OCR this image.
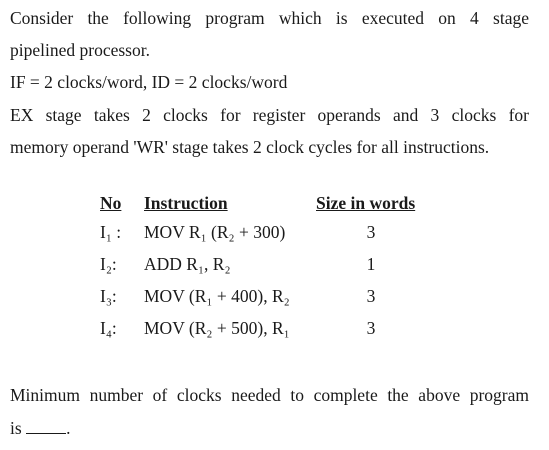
Consider the following program which is executed on 4 stage
pipelined processor.
IF = 2 clocks/word, ID = 2 clocks/word
EX stage takes 2 clocks for register operands and 3 clocks for
memory operand 'WR' stage takes 2 clock cycles for all instructions.
No	Instruction	Size in words
I₁ :	MOV R₁ (R₂ + 300)	3
I₂:	ADD R₁, R₂	1
I₃:	MOV (R₁ + 400), R₂	3
I₄:	MOV (R₂ + 500), R₁	3
Minimum number of clocks needed to complete the above program
is	.
